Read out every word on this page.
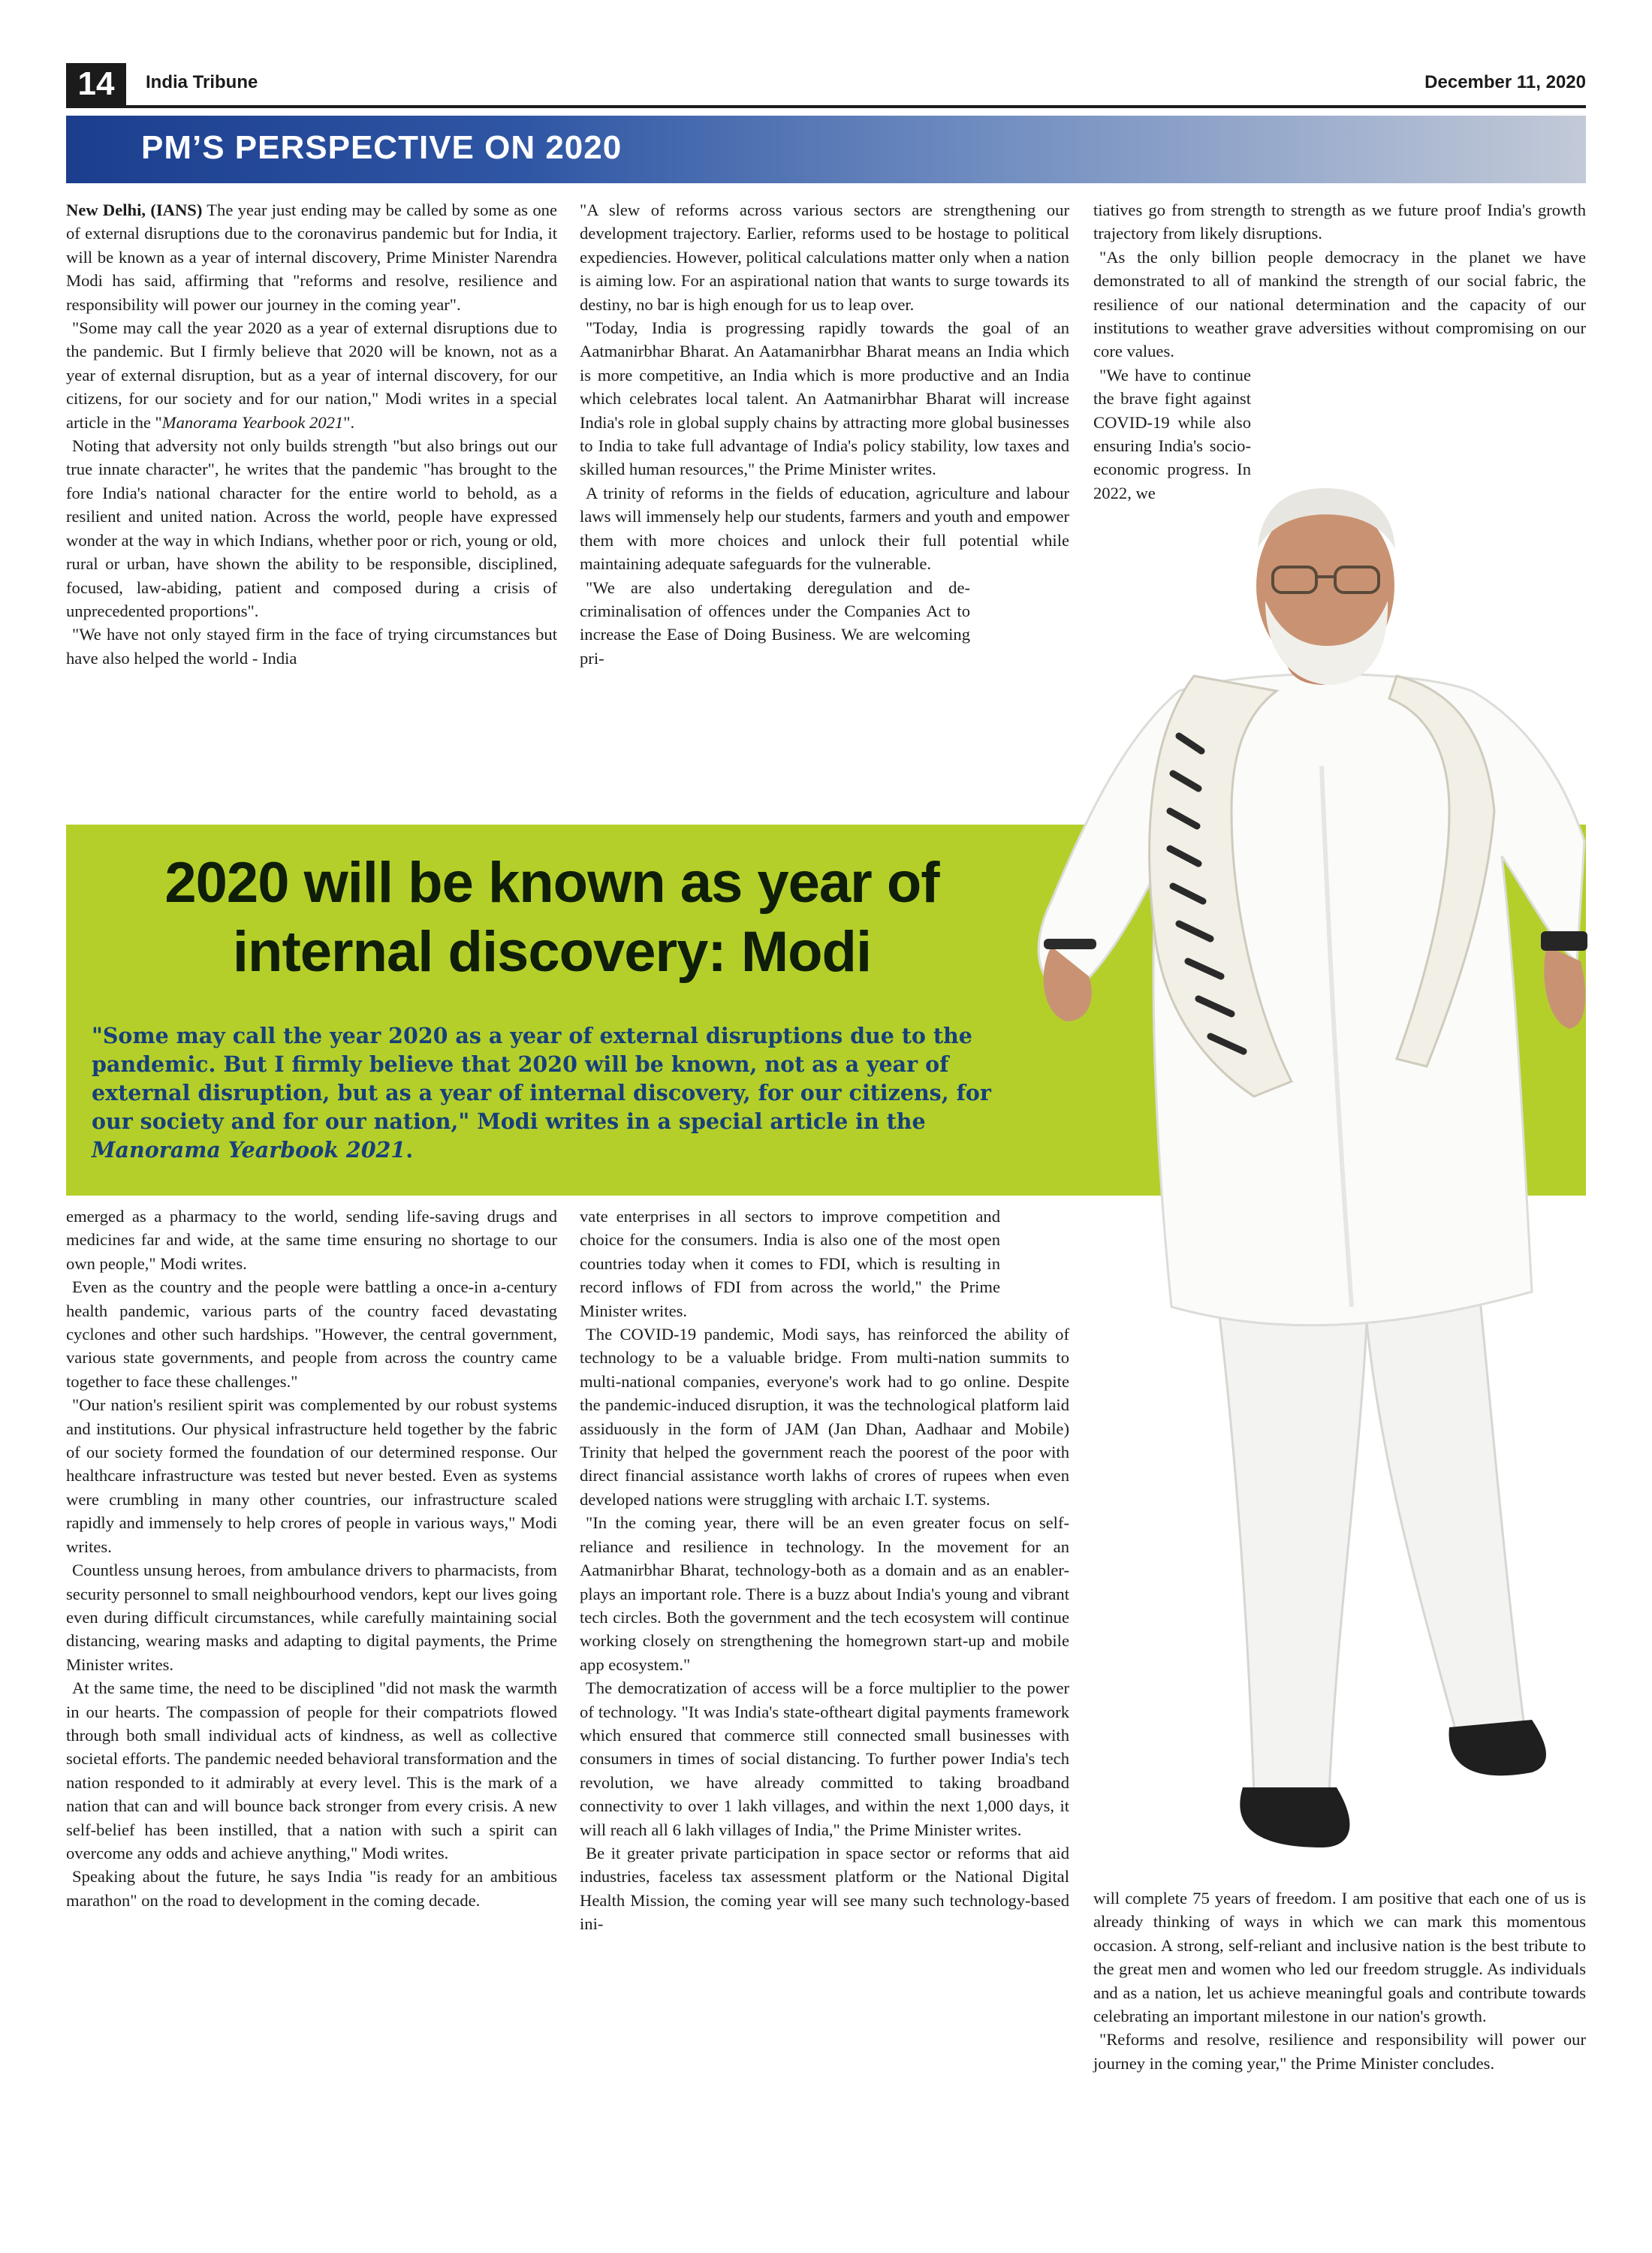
14	India Tribune	December 11, 2020
PM’S PERSPECTIVE ON 2020

New Delhi, (IANS) The year just ending may be called by some as one of external disruptions due to the coronavirus pandemic but for India, it will be known as a year of internal discovery, Prime Minister Narendra Modi has said, affirming that "reforms and resolve, resilience and responsibility will power our journey in the coming year".

"Some may call the year 2020 as a year of external disruptions due to the pandemic. But I firmly believe that 2020 will be known, not as a year of external disruption, but as a year of internal discovery, for our citizens, for our society and for our nation," Modi writes in a special article in the "Manorama Yearbook 2021".

Noting that adversity not only builds strength "but also brings out our true innate character", he writes that the pandemic "has brought to the fore India's national character for the entire world to behold, as a resilient and united nation. Across the world, people have expressed wonder at the way in which Indians, whether poor or rich, young or old, rural or urban, have shown the ability to be responsible, disciplined, focused, law-abiding, patient and composed during a crisis of unprecedented proportions".

"We have not only stayed firm in the face of trying circumstances but have also helped the world - India

"A slew of reforms across various sectors are strengthening our development trajectory. Earlier, reforms used to be hostage to political expediencies. However, political calculations matter only when a nation is aiming low. For an aspirational nation that wants to surge towards its destiny, no bar is high enough for us to leap over.

"Today, India is progressing rapidly towards the goal of an Aatmanirbhar Bharat. An Aatamanirbhar Bharat means an India which is more competitive, an India which is more productive and an India which celebrates local talent. An Aatmanirbhar Bharat will increase India's role in global supply chains by attracting more global businesses to India to take full advantage of India's policy stability, low taxes and skilled human resources," the Prime Minister writes.

A trinity of reforms in the fields of education, agriculture and labour laws will immensely help our students, farmers and youth and empower them with more choices and unlock their full potential while maintaining adequate safeguards for the vulnerable.

"We are also undertaking deregulation and de-criminalisation of offences under the Companies Act to increase the Ease of Doing Business. We are welcoming pri-

tiatives go from strength to strength as we future proof India's growth trajectory from likely disruptions.

"As the only billion people democracy in the planet we have demonstrated to all of mankind the strength of our social fabric, the resilience of our national determination and the capacity of our institutions to weather grave adversities without compromising on our core values.

"We have to continue the brave fight against COVID-19 while also ensuring India's socio-economic progress. In 2022, we

2020 will be known as year of
internal discovery: Modi
"Some may call the year 2020 as a year of external disruptions due to the pandemic. But I firmly believe that 2020 will be known, not as a year of external disruption, but as a year of internal discovery, for our citizens, for our society and for our nation," Modi writes in a special article in the Manorama Yearbook 2021.

emerged as a pharmacy to the world, sending life-saving drugs and medicines far and wide, at the same time ensuring no shortage to our own people," Modi writes.

Even as the country and the people were battling a once-in a-century health pandemic, various parts of the country faced devastating cyclones and other such hardships. "However, the central government, various state governments, and people from across the country came together to face these challenges."

"Our nation's resilient spirit was complemented by our robust systems and institutions. Our physical infrastructure held together by the fabric of our society formed the foundation of our determined response. Our healthcare infrastructure was tested but never bested. Even as systems were crumbling in many other countries, our infrastructure scaled rapidly and immensely to help crores of people in various ways," Modi writes.

Countless unsung heroes, from ambulance drivers to pharmacists, from security personnel to small neighbourhood vendors, kept our lives going even during difficult circumstances, while carefully maintaining social distancing, wearing masks and adapting to digital payments, the Prime Minister writes.

At the same time, the need to be disciplined "did not mask the warmth in our hearts. The compassion of people for their compatriots flowed through both small individual acts of kindness, as well as collective societal efforts. The pandemic needed behavioral transformation and the nation responded to it admirably at every level. This is the mark of a nation that can and will bounce back stronger from every crisis. A new self-belief has been instilled, that a nation with such a spirit can overcome any odds and achieve anything," Modi writes.

Speaking about the future, he says India "is ready for an ambitious marathon" on the road to development in the coming decade.

vate enterprises in all sectors to improve competition and choice for the consumers. India is also one of the most open countries today when it comes to FDI, which is resulting in record inflows of FDI from across the world," the Prime Minister writes.

The COVID-19 pandemic, Modi says, has reinforced the ability of technology to be a valuable bridge. From multi-nation summits to multi-national companies, everyone's work had to go online. Despite the pandemic-induced disruption, it was the technological platform laid assiduously in the form of JAM (Jan Dhan, Aadhaar and Mobile) Trinity that helped the government reach the poorest of the poor with direct financial assistance worth lakhs of crores of rupees when even developed nations were struggling with archaic I.T. systems.

"In the coming year, there will be an even greater focus on self-reliance and resilience in technology. In the movement for an Aatmanirbhar Bharat, technology-both as a domain and as an enabler-plays an important role. There is a buzz about India's young and vibrant tech circles. Both the government and the tech ecosystem will continue working closely on strengthening the homegrown start-up and mobile app ecosystem."

The democratization of access will be a force multiplier to the power of technology. "It was India's state-oftheart digital payments framework which ensured that commerce still connected small businesses with consumers in times of social distancing. To further power India's tech revolution, we have already committed to taking broadband connectivity to over 1 lakh villages, and within the next 1,000 days, it will reach all 6 lakh villages of India," the Prime Minister writes.

Be it greater private participation in space sector or reforms that aid industries, faceless tax assessment platform or the National Digital Health Mission, the coming year will see many such technology-based ini-

will complete 75 years of freedom. I am positive that each one of us is already thinking of ways in which we can mark this momentous occasion. A strong, self-reliant and inclusive nation is the best tribute to the great men and women who led our freedom struggle. As individuals and as a nation, let us achieve meaningful goals and contribute towards celebrating an important milestone in our nation's growth.

"Reforms and resolve, resilience and responsibility will power our journey in the coming year," the Prime Minister concludes.
